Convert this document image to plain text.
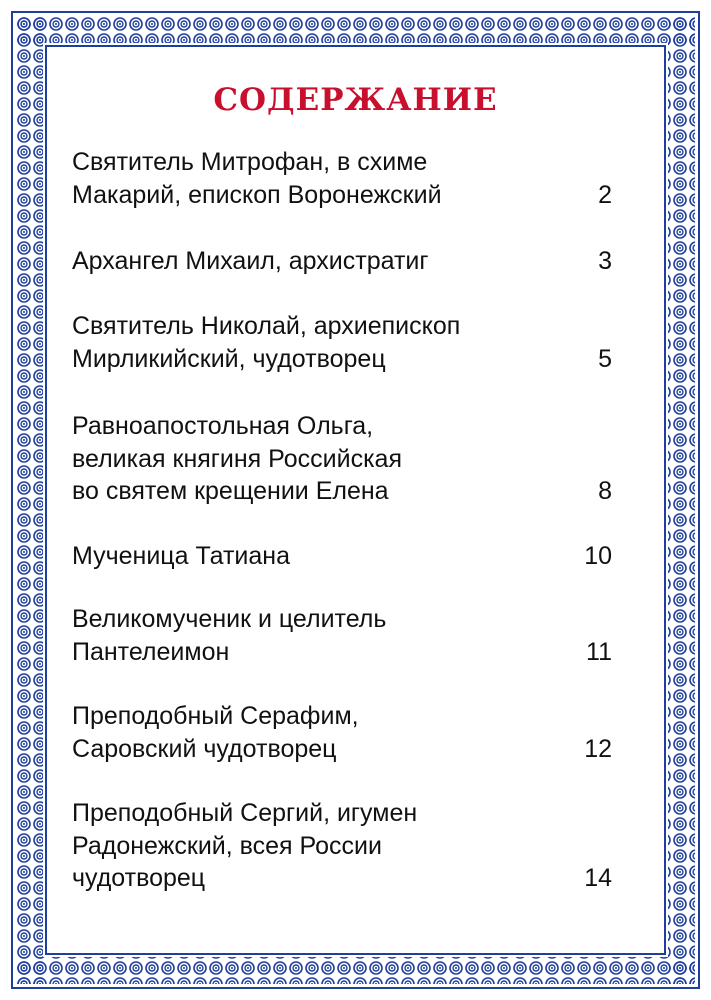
СОДЕРЖАНИЕ
Святитель Митрофан, в схиме
Макарий, епископ Воронежский	2
Архангел Михаил, архистратиг	3
Святитель Николай, архиепископ
Мирликийский, чудотворец	5
Равноапостольная Ольга,
великая княгиня Российская
во святем крещении Елена	8
Мученица Татиана	10
Великомученик и целитель
Пантелеимон	11
Преподобный Серафим,
Саровский чудотворец	12
Преподобный Сергий, игумен
Радонежский, всея России
чудотворец	14
